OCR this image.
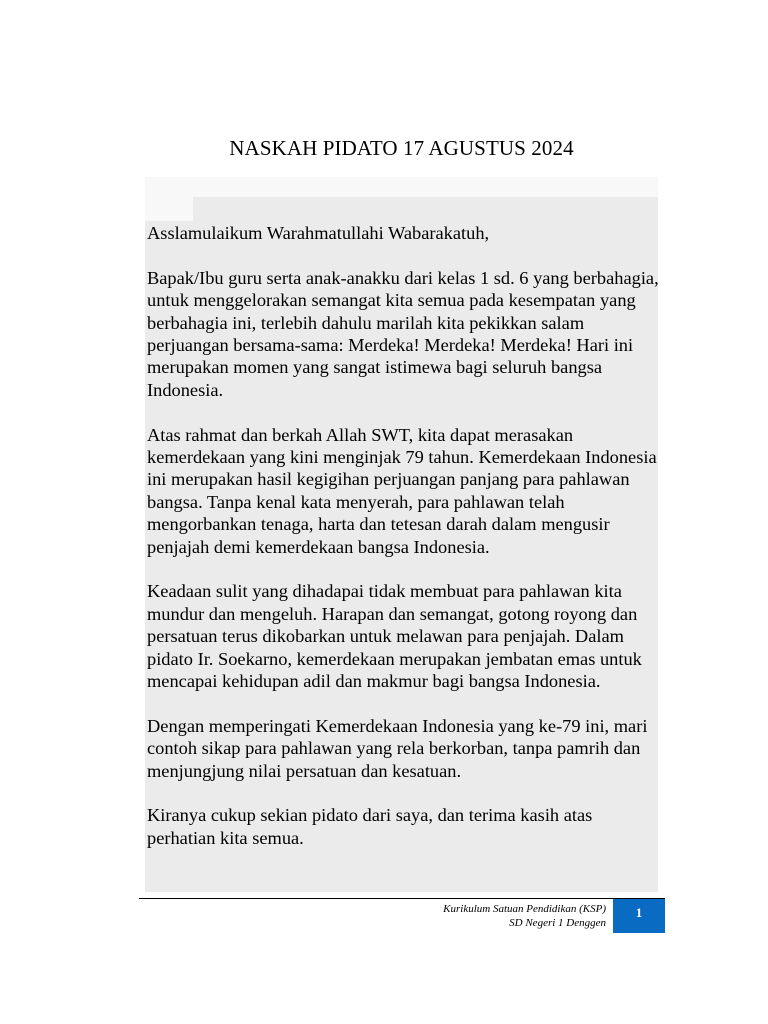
NASKAH PIDATO 17 AGUSTUS 2024

Asslamulaikum Warahmatullahi Wabarakatuh,

Bapak/Ibu guru serta anak-anakku dari kelas 1 sd. 6 yang berbahagia, untuk menggelorakan semangat kita semua pada kesempatan yang berbahagia ini, terlebih dahulu marilah kita pekikkan salam perjuangan bersama-sama: Merdeka! Merdeka! Merdeka! Hari ini merupakan momen yang sangat istimewa bagi seluruh bangsa Indonesia.

Atas rahmat dan berkah Allah SWT, kita dapat merasakan kemerdekaan yang kini menginjak 79 tahun. Kemerdekaan Indonesia ini merupakan hasil kegigihan perjuangan panjang para pahlawan bangsa. Tanpa kenal kata menyerah, para pahlawan telah mengorbankan tenaga, harta dan tetesan darah dalam mengusir penjajah demi kemerdekaan bangsa Indonesia.

Keadaan sulit yang dihadapai tidak membuat para pahlawan kita mundur dan mengeluh. Harapan dan semangat, gotong royong dan persatuan terus dikobarkan untuk melawan para penjajah. Dalam pidato Ir. Soekarno, kemerdekaan merupakan jembatan emas untuk mencapai kehidupan adil dan makmur bagi bangsa Indonesia.

Dengan memperingati Kemerdekaan Indonesia yang ke-79 ini, mari contoh sikap para pahlawan yang rela berkorban, tanpa pamrih dan menjungjung nilai persatuan dan kesatuan.

Kiranya cukup sekian pidato dari saya, dan terima kasih atas perhatian kita semua.

Kurikulum Satuan Pendidikan (KSP)
SD Negeri 1 Denggen
1
